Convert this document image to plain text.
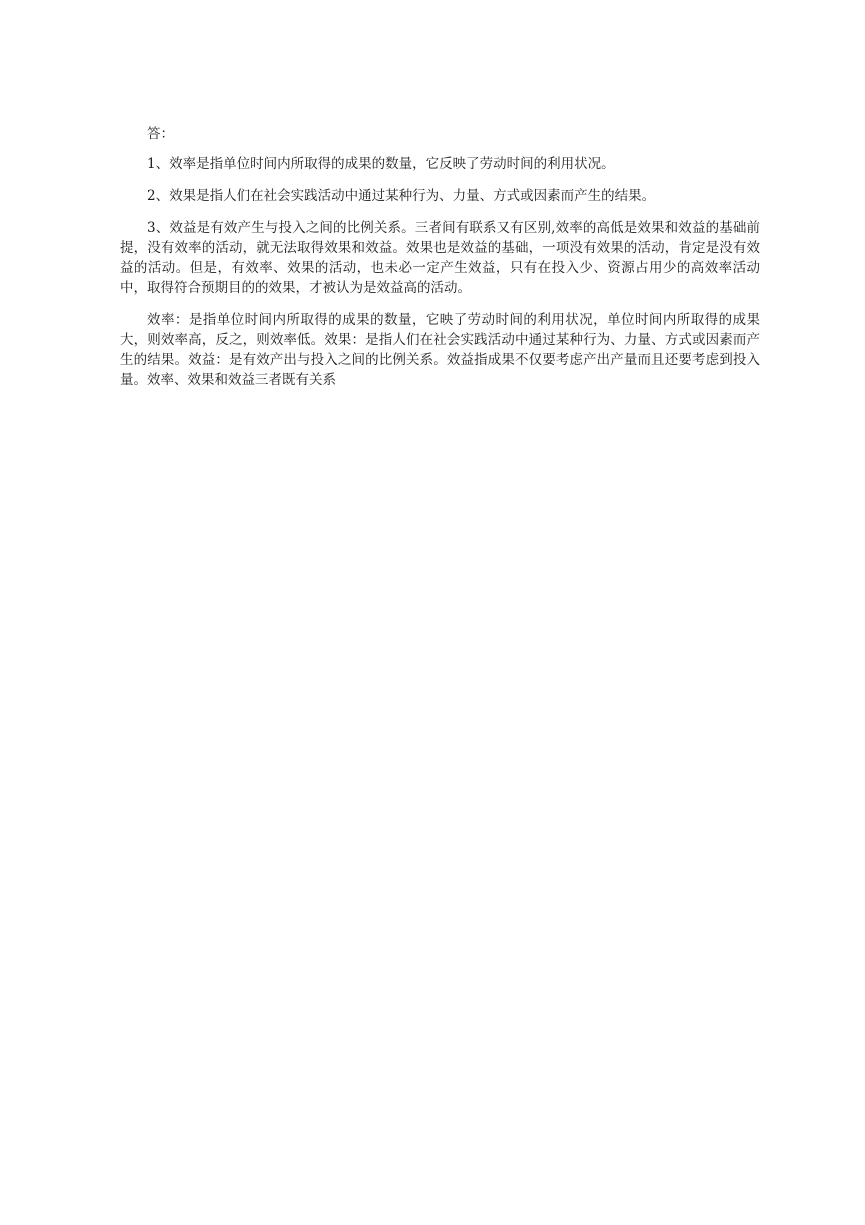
答：

1、效率是指单位时间内所取得的成果的数量，它反映了劳动时间的利用状况。

2、效果是指人们在社会实践活动中通过某种行为、力量、方式或因素而产生的结果。

3、效益是有效产生与投入之间的比例关系。三者间有联系又有区别,效率的高低是效果和效益的基础前提，没有效率的活动，就无法取得效果和效益。效果也是效益的基础，一项没有效果的活动，肯定是没有效益的活动。但是，有效率、效果的活动，也未必一定产生效益，只有在投入少、资源占用少的高效率活动中，取得符合预期目的的效果，才被认为是效益高的活动。

效率：是指单位时间内所取得的成果的数量，它映了劳动时间的利用状况，单位时间内所取得的成果大，则效率高，反之，则效率低。效果：是指人们在社会实践活动中通过某种行为、力量、方式或因素而产生的结果。效益：是有效产出与投入之间的比例关系。效益指成果不仅要考虑产出产量而且还要考虑到投入量。效率、效果和效益三者既有关系
